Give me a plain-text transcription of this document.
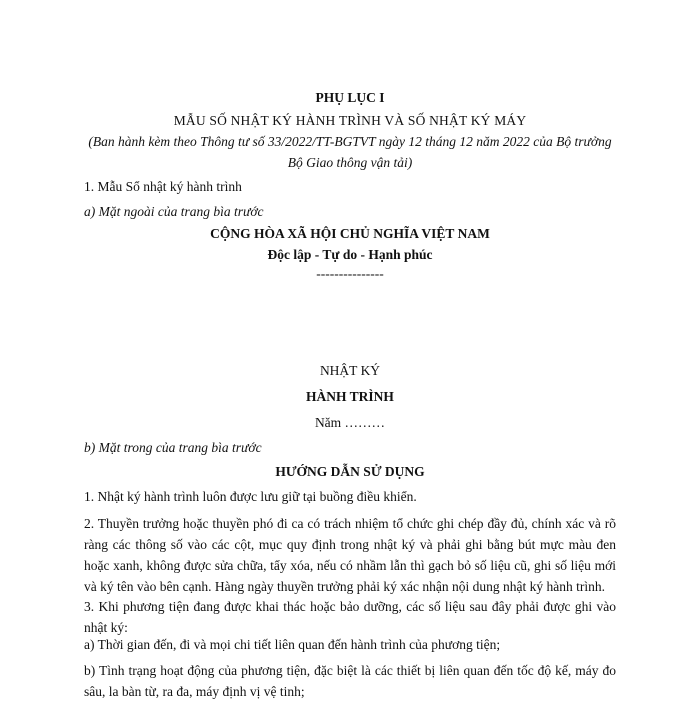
PHỤ LỤC I
MẪU SỐ NHẬT KÝ HÀNH TRÌNH VÀ SỐ NHẬT KÝ MÁY
(Ban hành kèm theo Thông tư số 33/2022/TT-BGTVT ngày 12 tháng 12 năm 2022 của Bộ trưởng
Bộ Giao thông vận tải)
1. Mẫu Sổ nhật ký hành trình
a) Mặt ngoài của trang bìa trước
CỘNG HÒA XÃ HỘI CHỦ NGHĨA VIỆT NAM
Độc lập - Tự do - Hạnh phúc
---------------
NHẬT KÝ
HÀNH TRÌNH
Năm ………
b) Mặt trong của trang bìa trước
HƯỚNG DẪN SỬ DỤNG
1. Nhật ký hành trình luôn được lưu giữ tại buồng điều khiển.
2. Thuyền trưởng hoặc thuyền phó đi ca có trách nhiệm tổ chức ghi chép đầy đủ, chính xác và rõ
ràng các thông số vào các cột, mục quy định trong nhật ký và phải ghi bằng bút mực màu đen
hoặc xanh, không được sửa chữa, tẩy xóa, nếu có nhầm lẫn thì gạch bỏ số liệu cũ, ghi số liệu mới
và ký tên vào bên cạnh. Hàng ngày thuyền trưởng phải ký xác nhận nội dung nhật ký hành trình.
3. Khi phương tiện đang được khai thác hoặc bảo dưỡng, các số liệu sau đây phải được ghi vào
nhật ký:
a) Thời gian đến, đi và mọi chi tiết liên quan đến hành trình của phương tiện;
b) Tình trạng hoạt động của phương tiện, đặc biệt là các thiết bị liên quan đến tốc độ kế, máy đo
sâu, la bàn từ, ra đa, máy định vị vệ tinh;
